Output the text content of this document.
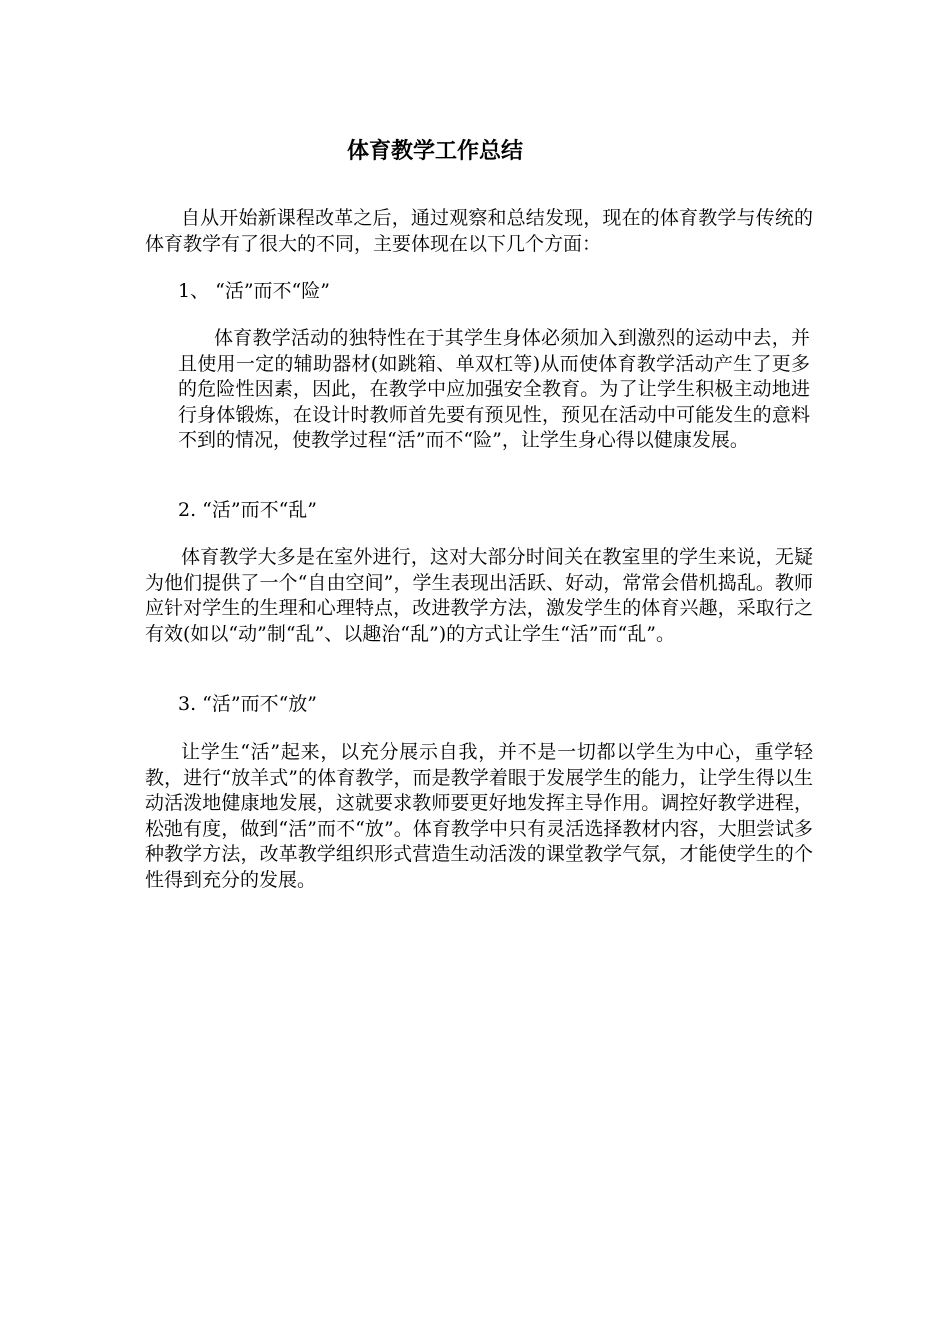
体育教学工作总结

自从开始新课程改革之后，通过观察和总结发现，现在的体育教学与传统的体育教学有了很大的不同，主要体现在以下几个方面：

1、 “活”而不“险”

体育教学活动的独特性在于其学生身体必须加入到激烈的运动中去，并且使用一定的辅助器材(如跳箱、单双杠等)从而使体育教学活动产生了更多的危险性因素，因此，在教学中应加强安全教育。为了让学生积极主动地进行身体锻炼，在设计时教师首先要有预见性，预见在活动中可能发生的意料不到的情况，使教学过程“活”而不“险”，让学生身心得以健康发展。

2. “活”而不“乱”

体育教学大多是在室外进行，这对大部分时间关在教室里的学生来说，无疑为他们提供了一个“自由空间”，学生表现出活跃、好动，常常会借机捣乱。教师应针对学生的生理和心理特点，改进教学方法，激发学生的体育兴趣，采取行之有效(如以“动”制“乱”、以趣治“乱”)的方式让学生“活”而“乱”。

3. “活”而不“放”

让学生“活”起来，以充分展示自我，并不是一切都以学生为中心，重学轻教，进行“放羊式”的体育教学，而是教学着眼于发展学生的能力，让学生得以生动活泼地健康地发展，这就要求教师要更好地发挥主导作用。调控好教学进程，松弛有度，做到“活”而不“放”。体育教学中只有灵活选择教材内容，大胆尝试多种教学方法，改革教学组织形式营造生动活泼的课堂教学气氛，才能使学生的个性得到充分的发展。
